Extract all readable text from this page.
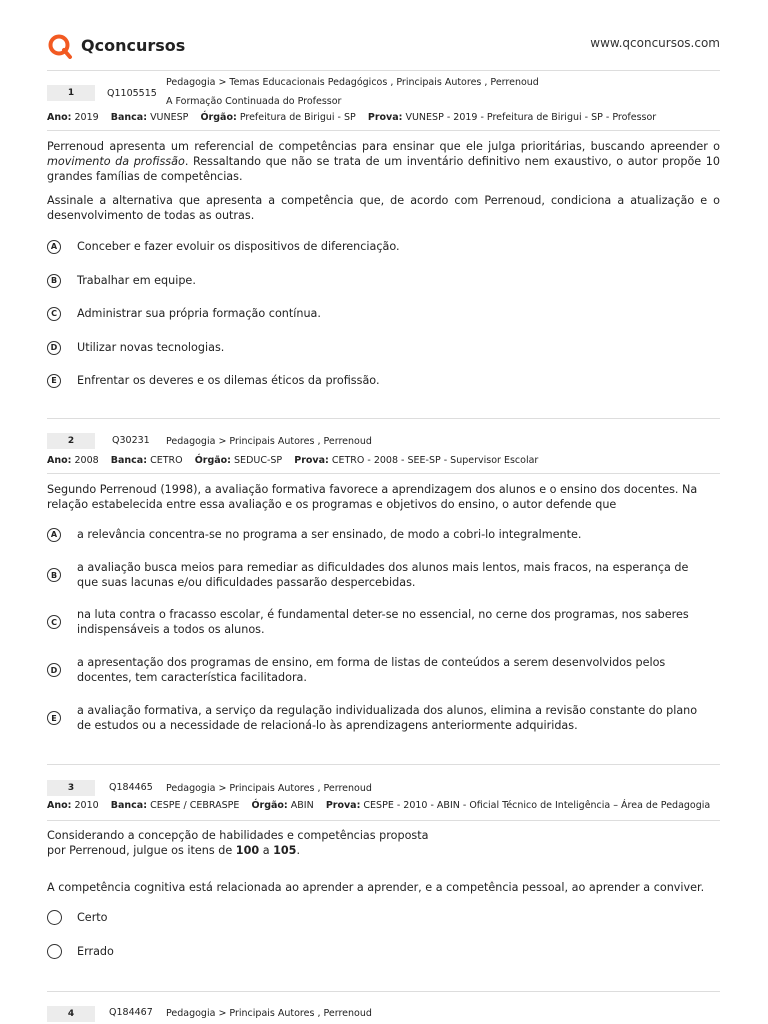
Qconcursos	www.qconcursos.com
1	Q1105515
Pedagogia > Temas Educacionais Pedagógicos , Principais Autores , Perrenoud
A Formação Continuada do Professor
Ano: 2019 Banca: VUNESP Órgão: Prefeitura de Birigui - SP Prova: VUNESP - 2019 - Prefeitura de Birigui - SP - Professor
Perrenoud apresenta um referencial de competências para ensinar que ele julga prioritárias, buscando apreender o movimento da profissão. Ressaltando que não se trata de um inventário definitivo nem exaustivo, o autor propõe 10 grandes famílias de competências.
Assinale a alternativa que apresenta a competência que, de acordo com Perrenoud, condiciona a atualização e o desenvolvimento de todas as outras.
A	Conceber e fazer evoluir os dispositivos de diferenciação.
B	Trabalhar em equipe.
C	Administrar sua própria formação contínua.
D	Utilizar novas tecnologias.
E	Enfrentar os deveres e os dilemas éticos da profissão.
2	Q30231 Pedagogia > Principais Autores , Perrenoud
Ano: 2008 Banca: CETRO Órgão: SEDUC-SP Prova: CETRO - 2008 - SEE-SP - Supervisor Escolar
Segundo Perrenoud (1998), a avaliação formativa favorece a aprendizagem dos alunos e o ensino dos docentes. Na relação estabelecida entre essa avaliação e os programas e objetivos do ensino, o autor defende que
A	a relevância concentra-se no programa a ser ensinado, de modo a cobri-lo integralmente.
B
a avaliação busca meios para remediar as dificuldades dos alunos mais lentos, mais fracos, na esperança de que suas lacunas e/ou dificuldades passarão despercebidas.
C
na luta contra o fracasso escolar, é fundamental deter-se no essencial, no cerne dos programas, nos saberes indispensáveis a todos os alunos.
D
a apresentação dos programas de ensino, em forma de listas de conteúdos a serem desenvolvidos pelos docentes, tem característica facilitadora.
E
a avaliação formativa, a serviço da regulação individualizada dos alunos, elimina a revisão constante do plano de estudos ou a necessidade de relacioná-lo às aprendizagens anteriormente adquiridas.
3	Q184465 Pedagogia > Principais Autores , Perrenoud
Ano: 2010 Banca: CESPE / CEBRASPE Órgão: ABIN Prova: CESPE - 2010 - ABIN - Oficial Técnico de Inteligência – Área de Pedagogia
Considerando a concepção de habilidades e competências proposta
por Perrenoud, julgue os itens de 100 a 105.
A competência cognitiva está relacionada ao aprender a aprender, e a competência pessoal, ao aprender a conviver.
Certo
Errado
4	Q184467 Pedagogia > Principais Autores , Perrenoud
